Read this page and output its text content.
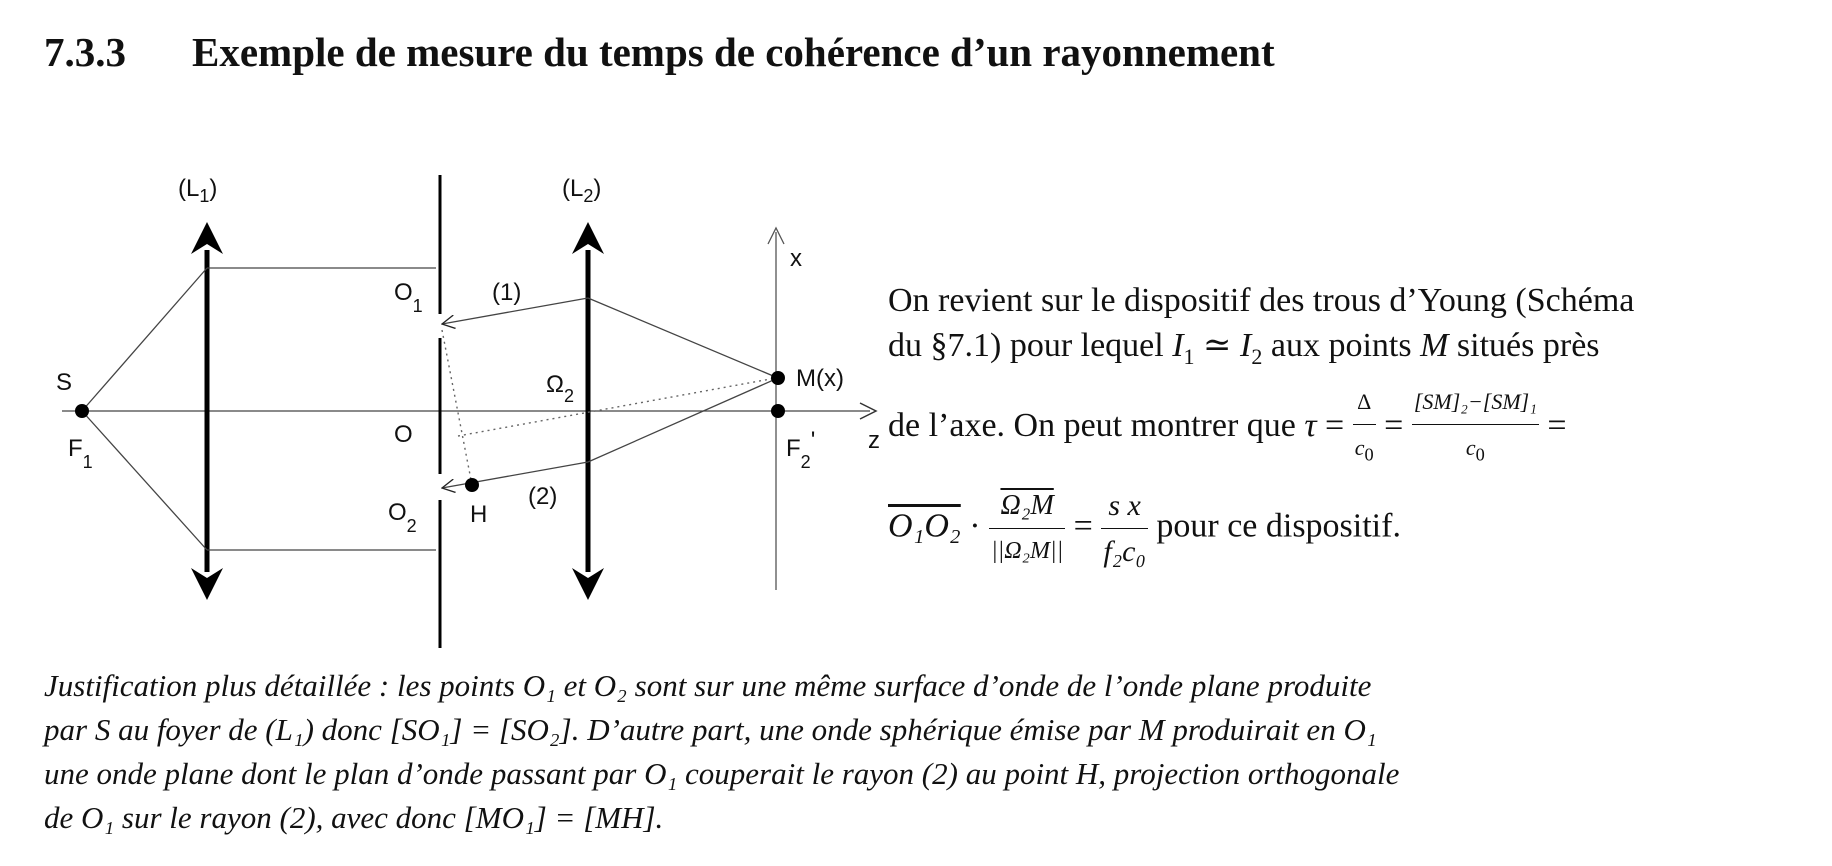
7.3.3 Exemple de mesure du temps de cohérence d’un rayonnement
$(L_1)$	$(L_2)$
x
z
S
$F_1$
$O_1$
$O_2$
O
$\Omega_2$
M(x)
$F_2'$
H
(1)
(2)
On revient sur le dispositif des trous d’Young (Schéma
du §7.1) pour lequel $I_1$ ≃ $I_2$ aux points M situés près
de l’axe. On peut montrer que $\tau = \frac{\Delta}{c_0} = \frac{\text{[SM]₂−[SM]₁}}{c_0}$ =
$O_1O_2 \cdot \frac{\text{Ω₂M}}{\text{||Ω₂M||}} = \frac{\text{s x}}{\text{f₂c₀}}$ pour ce dispositif.
Justification plus détaillée : les points O₁ et O₂ sont sur une même surface d’onde de l’onde plane produite
par S au foyer de (L₁) donc [SO₁] = [SO₂]. D’autre part, une onde sphérique émise par M produirait en O₁
une onde plane dont le plan d’onde passant par O₁ couperait le rayon (2) au point H, projection orthogonale
de O₁ sur le rayon (2), avec donc [MO₁] = [MH].
